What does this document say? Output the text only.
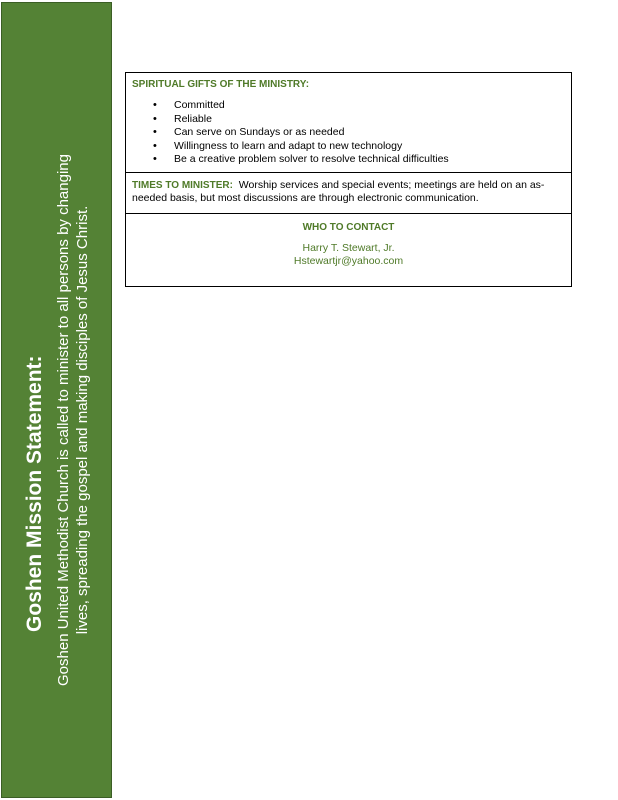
Goshen Mission Statement: Goshen United Methodist Church is called to minister to all persons by changing lives, spreading the gospel and making disciples of Jesus Christ.
SPIRITUAL GIFTS OF THE MINISTRY:
• Committed
• Reliable
• Can serve on Sundays or as needed
• Willingness to learn and adapt to new technology
• Be a creative problem solver to resolve technical difficulties
TIMES TO MINISTER: Worship services and special events; meetings are held on an as-needed basis, but most discussions are through electronic communication.
WHO TO CONTACT
Harry T. Stewart, Jr.
Hstewartjr@yahoo.com
